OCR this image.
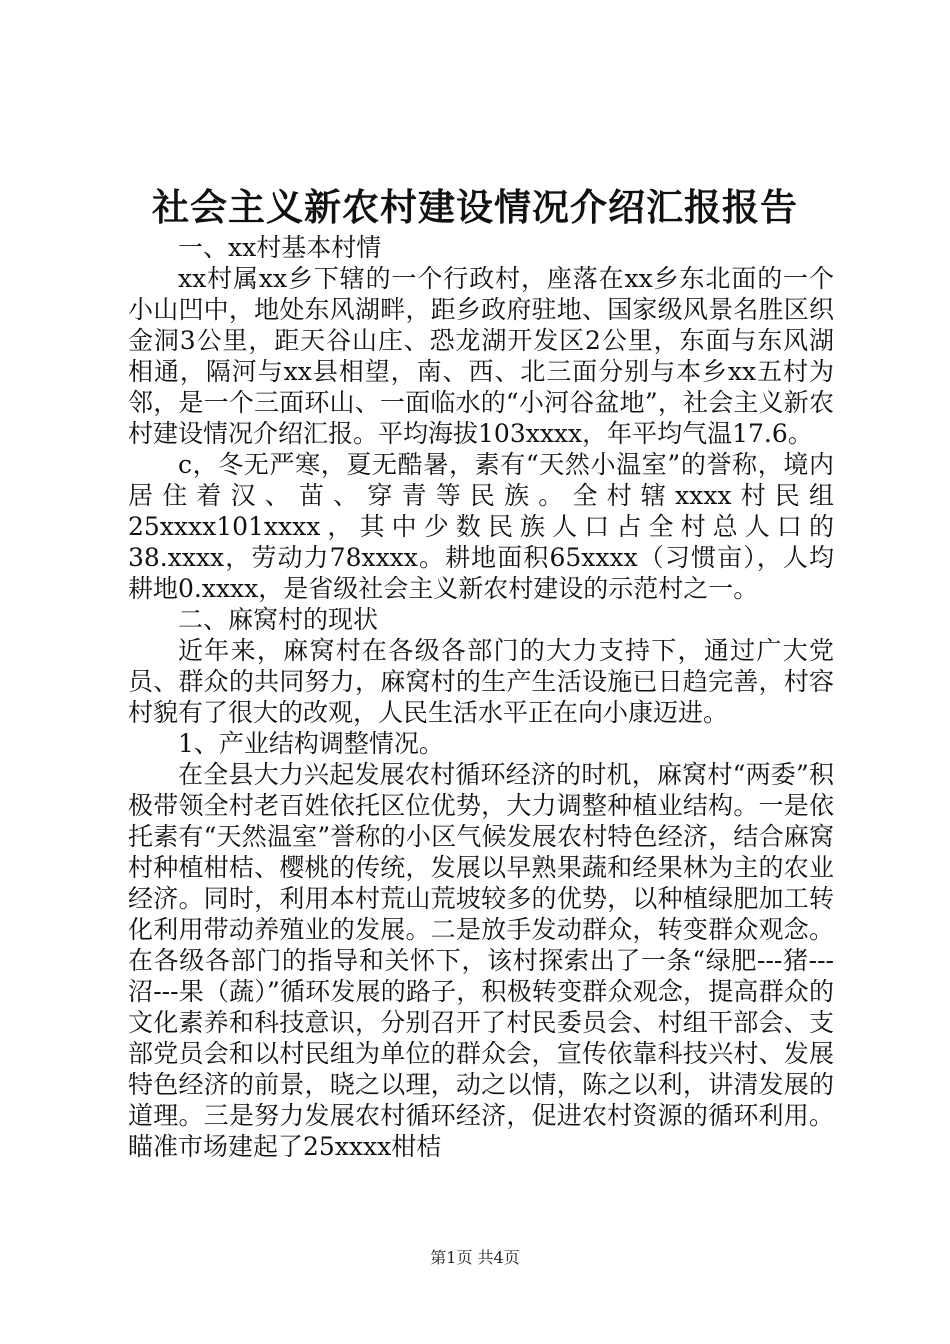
社会主义新农村建设情况介绍汇报报告

一、xx村基本村情

xx村属xx乡下辖的一个行政村，座落在xx乡东北面的一个小山凹中，地处东风湖畔，距乡政府驻地、国家级风景名胜区织金洞3公里，距天谷山庄、恐龙湖开发区2公里，东面与东风湖相通，隔河与xx县相望，南、西、北三面分别与本乡xx五村为邻，是一个三面环山、一面临水的“小河谷盆地”，社会主义新农村建设情况介绍汇报。平均海拔103xxxx，年平均气温17.6。

c，冬无严寒，夏无酷暑，素有“天然小温室”的誉称，境内居住着汉、苗、穿青等民族。全村辖xxxx村民组25xxxx101xxxx，其中少数民族人口占全村总人口的38.xxxx，劳动力78xxxx。耕地面积65xxxx（习惯亩），人均耕地0.xxxx，是省级社会主义新农村建设的示范村之一。

二、麻窝村的现状

近年来，麻窝村在各级各部门的大力支持下，通过广大党员、群众的共同努力，麻窝村的生产生活设施已日趋完善，村容村貌有了很大的改观，人民生活水平正在向小康迈进。

1、产业结构调整情况。

在全县大力兴起发展农村循环经济的时机，麻窝村“两委”积极带领全村老百姓依托区位优势，大力调整种植业结构。一是依托素有“天然温室”誉称的小区气候发展农村特色经济，结合麻窝村种植柑桔、樱桃的传统，发展以早熟果蔬和经果林为主的农业经济。同时，利用本村荒山荒坡较多的优势，以种植绿肥加工转化利用带动养殖业的发展。二是放手发动群众，转变群众观念。在各级各部门的指导和关怀下，该村探索出了一条“绿肥---猪---沼---果（蔬）”循环发展的路子，积极转变群众观念，提高群众的文化素养和科技意识，分别召开了村民委员会、村组干部会、支部党员会和以村民组为单位的群众会，宣传依靠科技兴村、发展特色经济的前景，晓之以理，动之以情，陈之以利，讲清发展的道理。三是努力发展农村循环经济，促进农村资源的循环利用。瞄准市场建起了25xxxx柑桔

第1页 共4页
